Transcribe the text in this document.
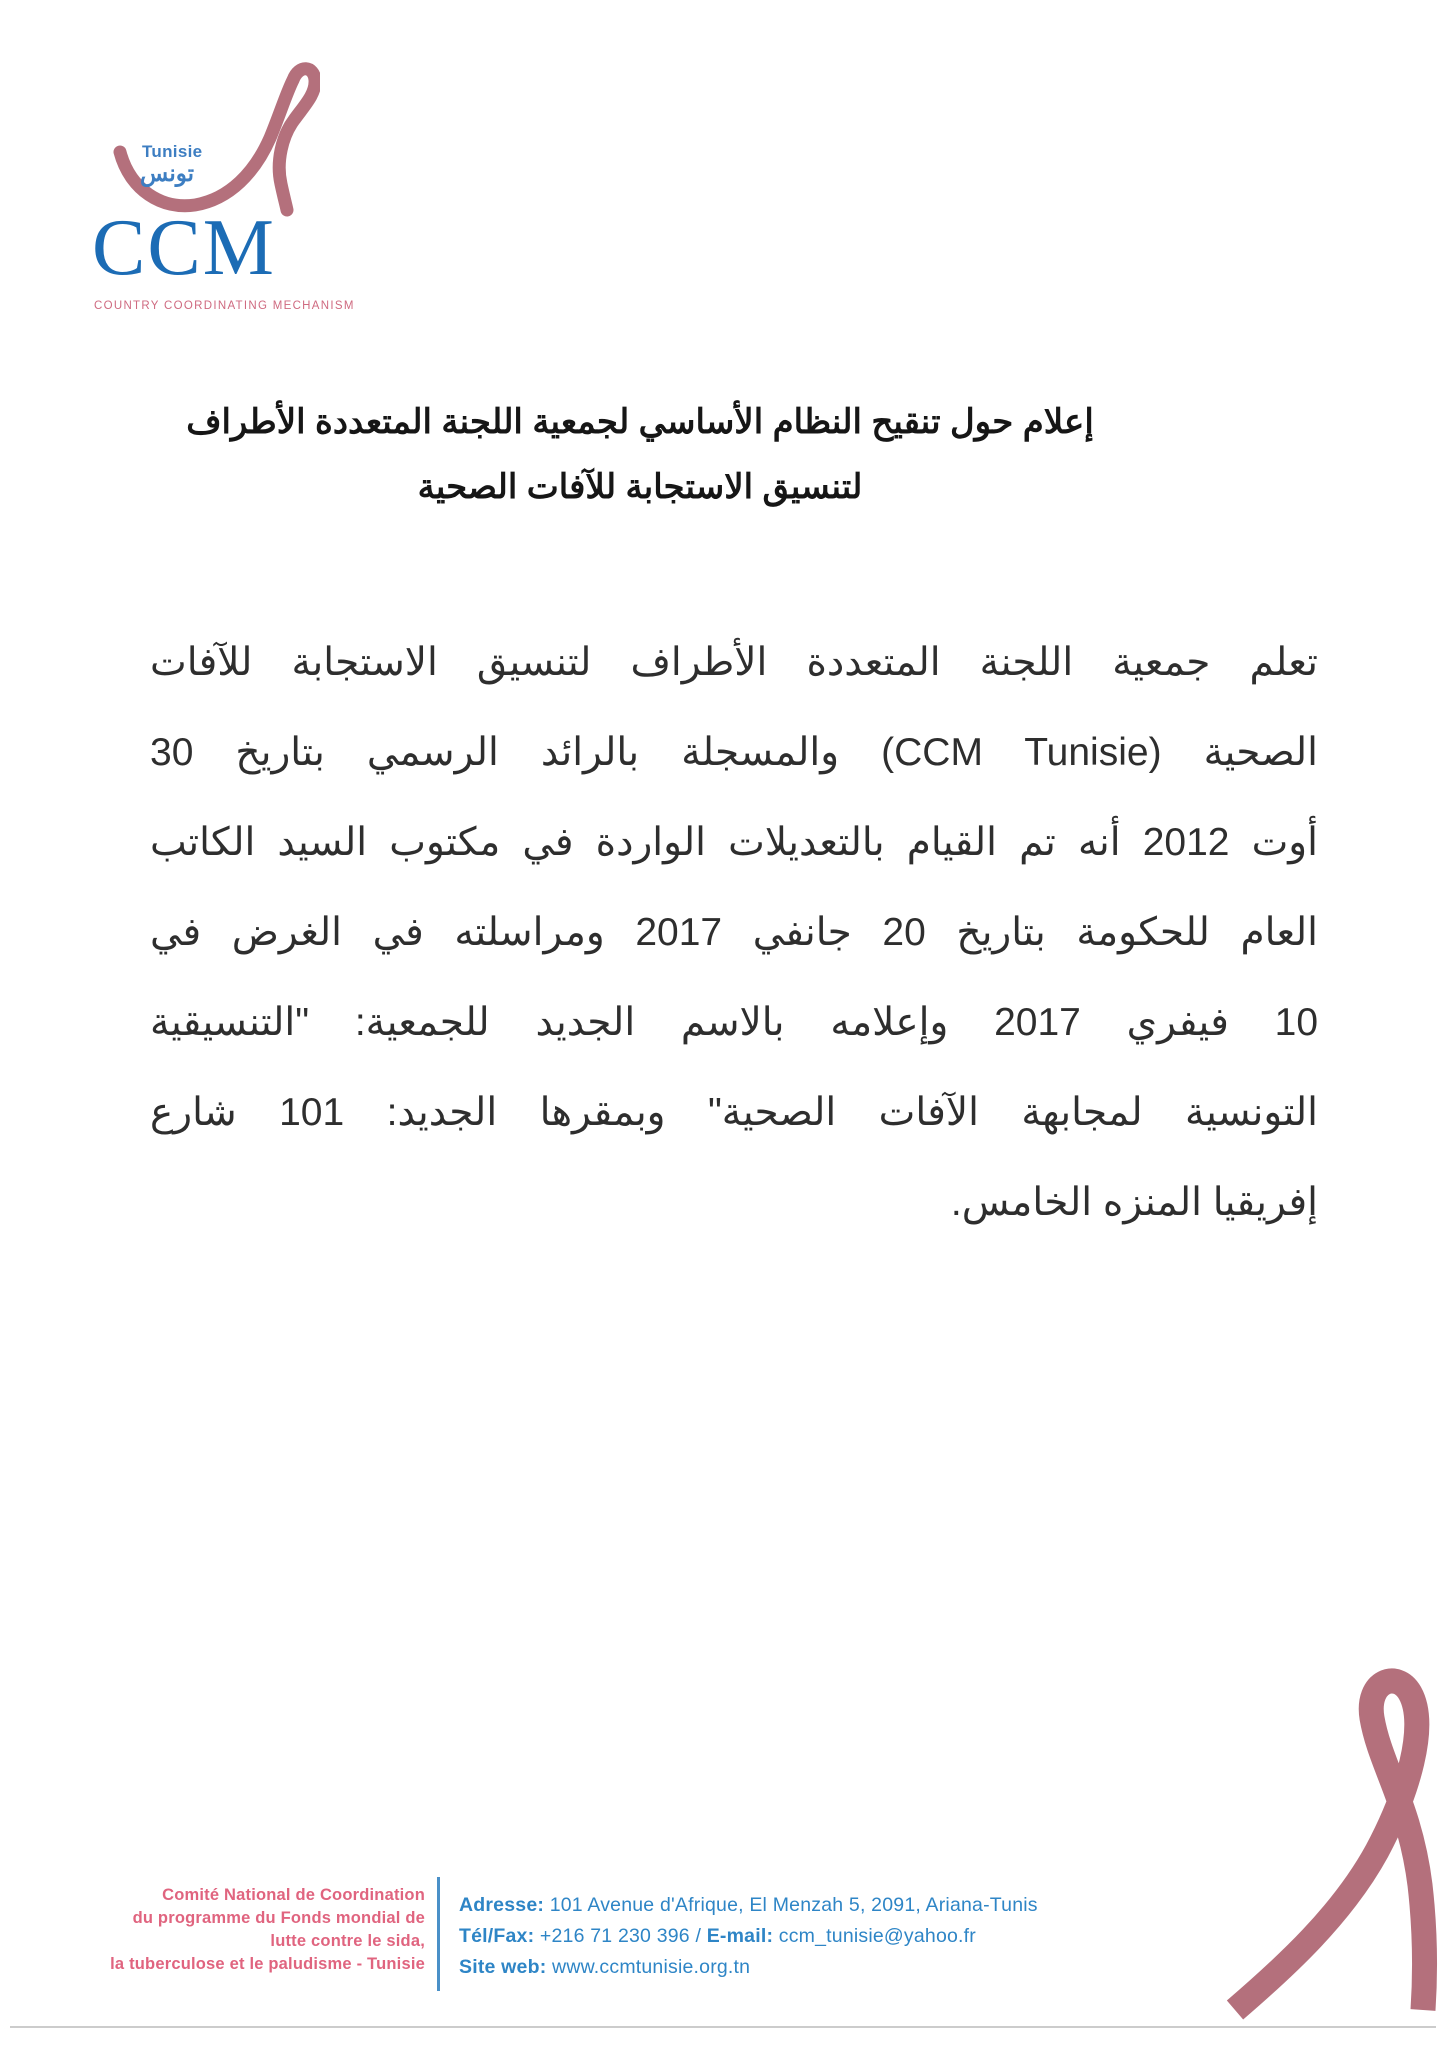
Tunisie
تونس
CCM
COUNTRY COORDINATING MECHANISM
إعلام حول تنقيح النظام الأساسي لجمعية اللجنة المتعددة الأطراف
لتنسيق الاستجابة للآفات الصحية
تعلم جمعية اللجنة المتعددة الأطراف لتنسيق الاستجابة للآفات
الصحية (CCM Tunisie) والمسجلة بالرائد الرسمي بتاريخ 30
أوت 2012 أنه تم القيام بالتعديلات الواردة في مكتوب السيد الكاتب
العام للحكومة بتاريخ 20 جانفي 2017 ومراسلته في الغرض في
10 فيفري 2017 وإعلامه بالاسم الجديد للجمعية: "التنسيقية
التونسية لمجابهة الآفات الصحية" وبمقرها الجديد: 101 شارع
إفريقيا المنزه الخامس.
Comité National de Coordination
du programme du Fonds mondial de
lutte contre le sida,
la tuberculose et le paludisme - Tunisie
Adresse: 101 Avenue d'Afrique, El Menzah 5, 2091, Ariana-Tunis
Tél/Fax: +216 71 230 396 / E-mail: ccm_tunisie@yahoo.fr
Site web: www.ccmtunisie.org.tn
